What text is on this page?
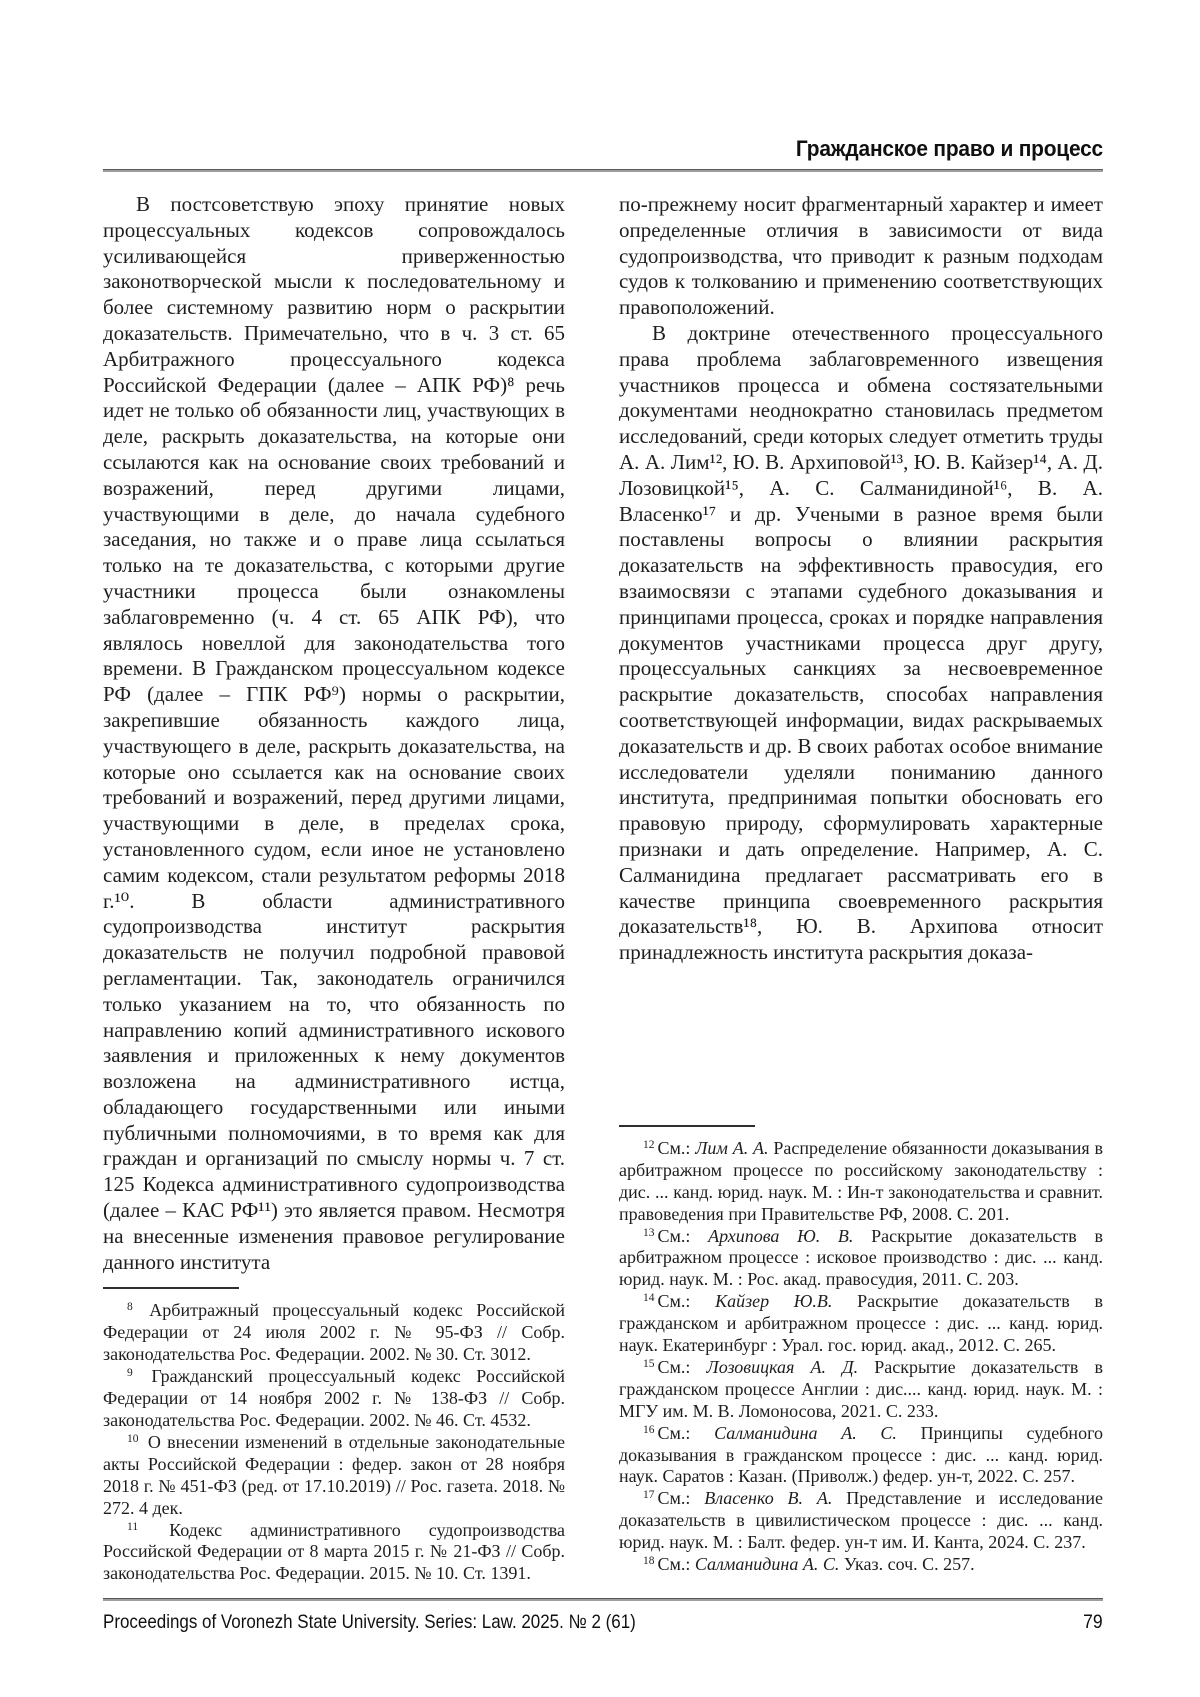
Гражданское право и процесс

В постсоветствую эпоху принятие новых процессуальных кодексов сопровождалось усиливающейся приверженностью законотворческой мысли к последовательному и более системному развитию норм о раскрытии доказательств. Примечательно, что в ч. 3 ст. 65 Арбитражного процессуального кодекса Российской Федерации (далее – АПК РФ)⁸ речь идет не только об обязанности лиц, участвующих в деле, раскрыть доказательства, на которые они ссылаются как на основание своих требований и возражений, перед другими лицами, участвующими в деле, до начала судебного заседания, но также и о праве лица ссылаться только на те доказательства, с которыми другие участники процесса были ознакомлены заблаговременно (ч. 4 ст. 65 АПК РФ), что являлось новеллой для законодательства того времени. В Гражданском процессуальном кодексе РФ (далее – ГПК РФ⁹) нормы о раскрытии, закрепившие обязанность каждого лица, участвующего в деле, раскрыть доказательства, на которые оно ссылается как на основание своих требований и возражений, перед другими лицами, участвующими в деле, в пределах срока, установленного судом, если иное не установлено самим кодексом, стали результатом реформы 2018 г.¹⁰. В области административного судопроизводства институт раскрытия доказательств не получил подробной правовой регламентации. Так, законодатель ограничился только указанием на то, что обязанность по направлению копий административного искового заявления и приложенных к нему документов возложена на административного истца, обладающего государственными или иными публичными полномочиями, в то время как для граждан и организаций по смыслу нормы ч. 7 ст. 125 Кодекса административного судопроизводства (далее – КАС РФ¹¹) это является правом. Несмотря на внесенные изменения правовое регулирование данного института

$^8$ Арбитражный процессуальный кодекс Российской Федерации от 24 июля 2002 г. № 95-ФЗ // Собр. законодательства Рос. Федерации. 2002. № 30. Ст. 3012.

$^9$ Гражданский процессуальный кодекс Российской Федерации от 14 ноября 2002 г. № 138-ФЗ // Собр. законодательства Рос. Федерации. 2002. № 46. Ст. 4532.

$^{10}$ О внесении изменений в отдельные законодательные акты Российской Федерации : федер. закон от 28 ноября 2018 г. № 451-ФЗ (ред. от 17.10.2019) // Рос. газета. 2018. № 272. 4 дек.

$^{11}$ Кодекс административного судопроизводства Российской Федерации от 8 марта 2015 г. № 21-ФЗ // Собр. законодательства Рос. Федерации. 2015. № 10. Ст. 1391.

по-прежнему носит фрагментарный характер и имеет определенные отличия в зависимости от вида судопроизводства, что приводит к разным подходам судов к толкованию и применению соответствующих правоположений.

В доктрине отечественного процессуального права проблема заблаговременного извещения участников процесса и обмена состязательными документами неоднократно становилась предметом исследований, среди которых следует отметить труды А. А. Лим¹², Ю. В. Архиповой¹³, Ю. В. Кайзер¹⁴, А. Д. Лозовицкой¹⁵, А. С. Салманидиной¹⁶, В. А. Власенко¹⁷ и др. Учеными в разное время были поставлены вопросы о влиянии раскрытия доказательств на эффективность правосудия, его взаимосвязи с этапами судебного доказывания и принципами процесса, сроках и порядке направления документов участниками процесса друг другу, процессуальных санкциях за несвоевременное раскрытие доказательств, способах направления соответствующей информации, видах раскрываемых доказательств и др. В своих работах особое внимание исследователи уделяли пониманию данного института, предпринимая попытки обосновать его правовую природу, сформулировать характерные признаки и дать определение. Например, А. С. Салманидина предлагает рассматривать его в качестве принципа своевременного раскрытия доказательств¹⁸, Ю. В. Архипова относит принадлежность института раскрытия доказа-

$^{12}$ См.: Лим А. А. Распределение обязанности доказывания в арбитражном процессе по российскому законодательству : дис. ... канд. юрид. наук. М. : Ин-т законодательства и сравнит. правоведения при Правительстве РФ, 2008. С. 201.

$^{13}$ См.: Архипова Ю. В. Раскрытие доказательств в арбитражном процессе : исковое производство : дис. ... канд. юрид. наук. М. : Рос. акад. правосудия, 2011. С. 203.

$^{14}$ См.: Кайзер Ю.В. Раскрытие доказательств в гражданском и арбитражном процессе : дис. ... канд. юрид. наук. Екатеринбург : Урал. гос. юрид. акад., 2012. С. 265.

$^{15}$ См.: Лозовицкая А. Д. Раскрытие доказательств в гражданском процессе Англии : дис.... канд. юрид. наук. М. : МГУ им. М. В. Ломоносова, 2021. С. 233.

$^{16}$ См.: Салманидина А. С. Принципы судебного доказывания в гражданском процессе : дис. ... канд. юрид. наук. Саратов : Казан. (Приволж.) федер. ун-т, 2022. С. 257.

$^{17}$ См.: Власенко В. А. Представление и исследование доказательств в цивилистическом процессе : дис. ... канд. юрид. наук. М. : Балт. федер. ун-т им. И. Канта, 2024. С. 237.

$^{18}$ См.: Салманидина А. С. Указ. соч. С. 257.

Proceedings of Voronezh State University. Series: Law. 2025. № 2 (61)	79
